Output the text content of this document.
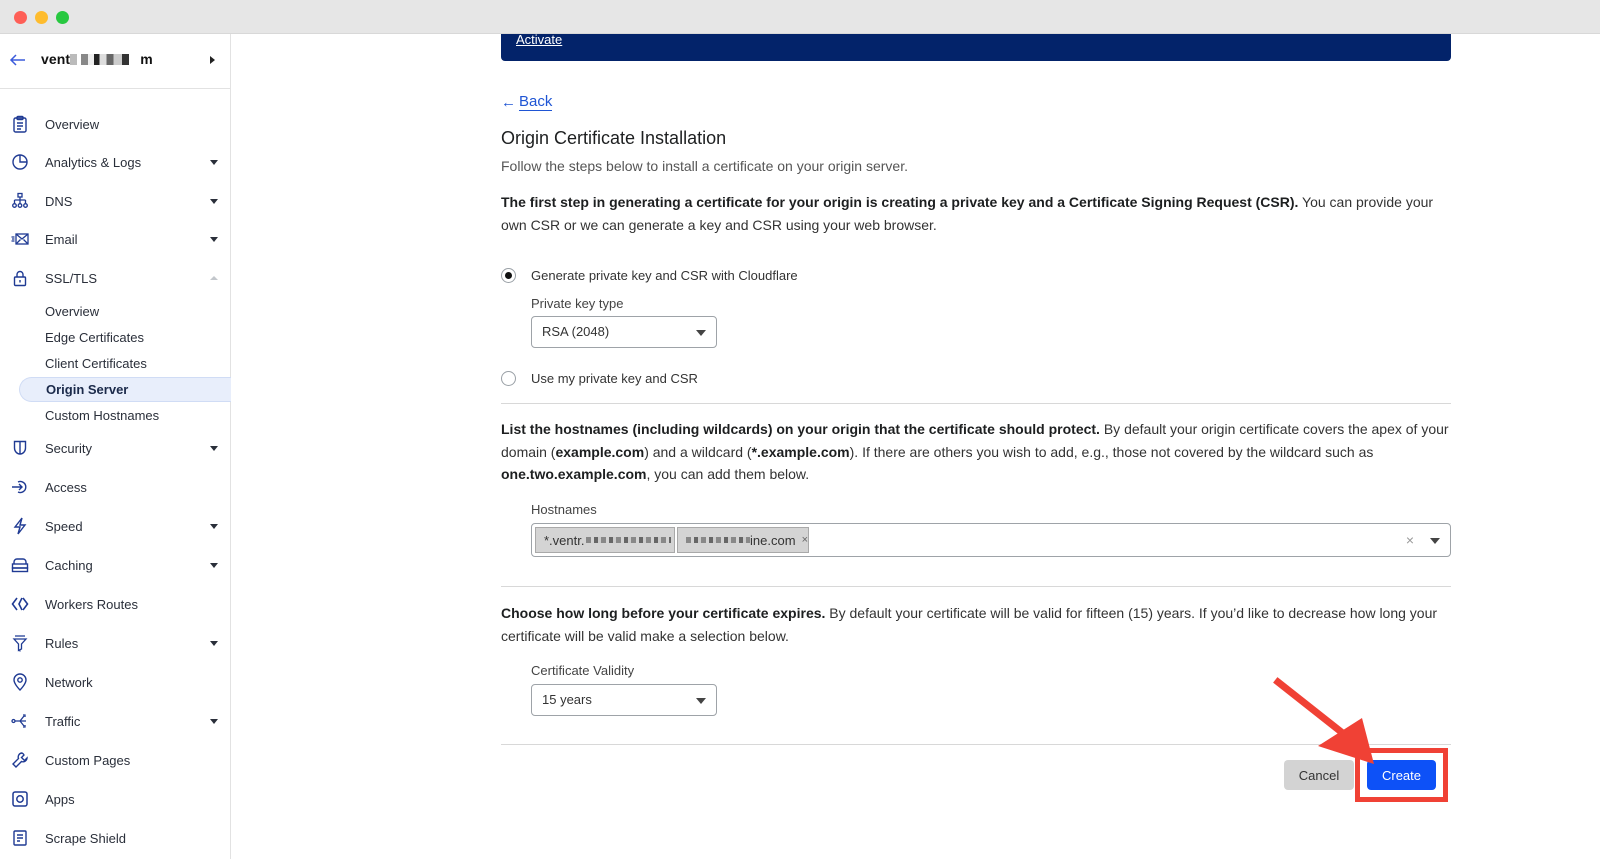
vent	m
Overview
Analytics & Logs
DNS
Email
SSL/TLS
Overview
Edge Certificates
Client Certificates
Origin Server
Custom Hostnames
Security
Access
Speed
Caching
Workers Routes
Rules
Network
Traffic
Custom Pages
Apps
Scrape Shield
Activate
← Back
Origin Certificate Installation
Follow the steps below to install a certificate on your origin server.
The first step in generating a certificate for your origin is creating a private key and a Certificate Signing Request (CSR). You can provide your own CSR or we can generate a key and CSR using your web browser.
Generate private key and CSR with Cloudflare
Private key type
RSA (2048)
Use my private key and CSR
List the hostnames (including wildcards) on your origin that the certificate should protect. By default your origin certificate covers the apex of your domain (example.com) and a wildcard (*.example.com). If there are others you wish to add, e.g., those not covered by the wildcard such as one.two.example.com, you can add them below.
Hostnames
*.ventr.	ine.com ×	×
Choose how long before your certificate expires. By default your certificate will be valid for fifteen (15) years. If you’d like to decrease how long your certificate will be valid make a selection below.
Certificate Validity
15 years
Cancel	Create
